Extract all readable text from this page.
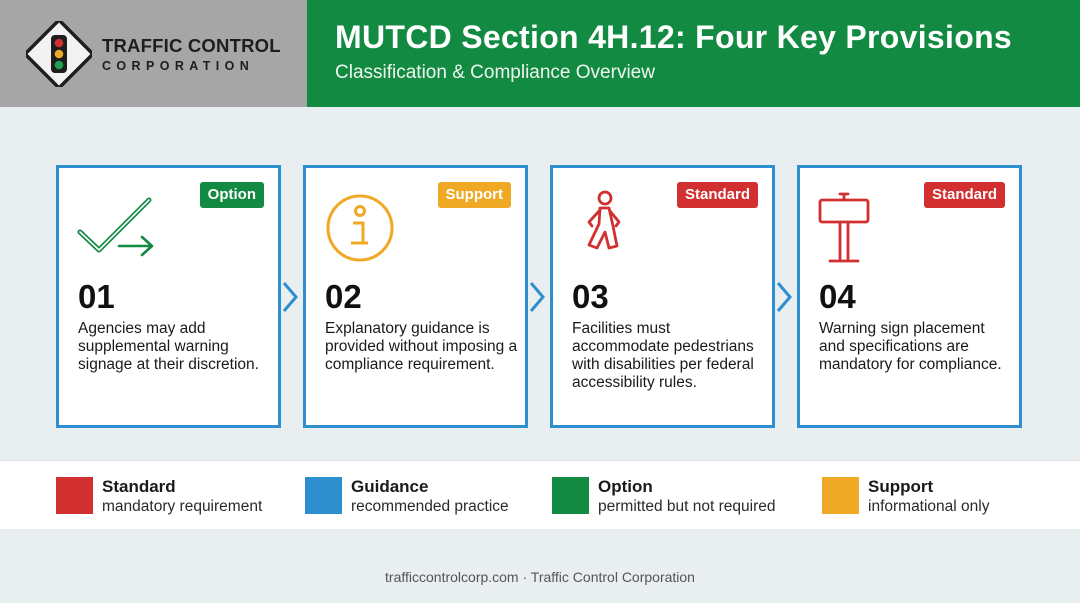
TRAFFIC CONTROL
CORPORATION
MUTCD Section 4H.12: Four Key Provisions
Classification & Compliance Overview
Option
01
Agencies may add supplemental warning signage at their discretion.
Support
02
Explanatory guidance is provided without imposing a compliance requirement.
Standard
03
Facilities must accommodate pedestrians with disabilities per federal accessibility rules.
Standard
04
Warning sign placement and specifications are mandatory for compliance.
Standard
mandatory requirement
Guidance
recommended practice
Option
permitted but not required
Support
informational only
trafficcontrolcorp.com · Traffic Control Corporation
